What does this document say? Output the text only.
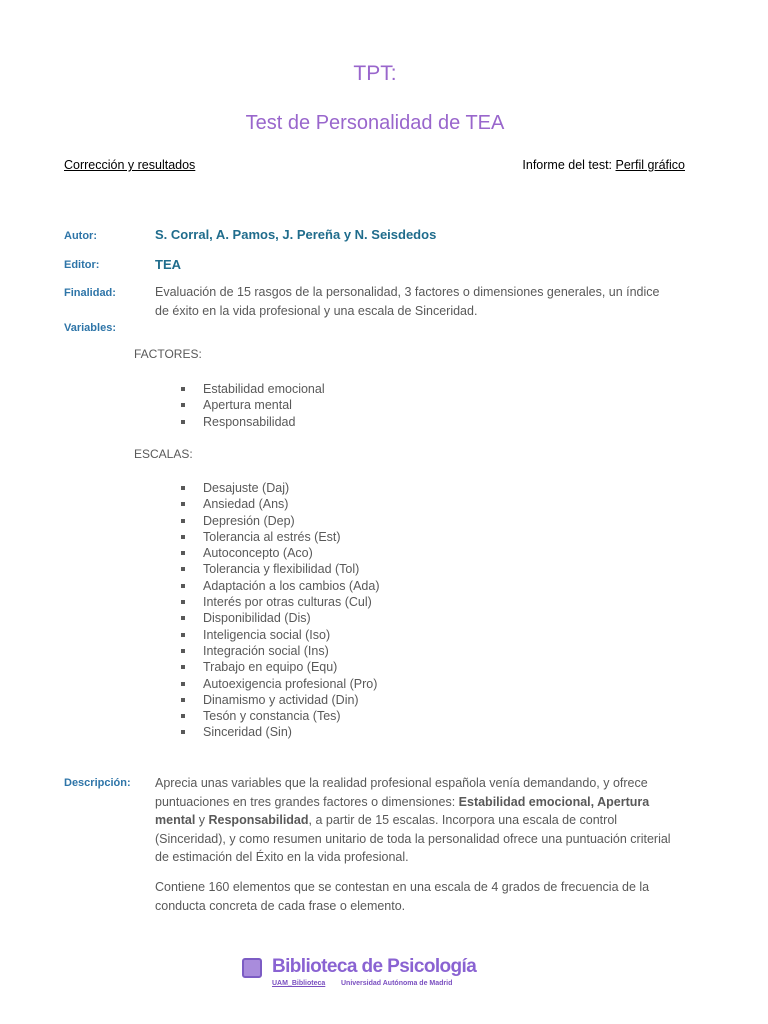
TPT:
Test de Personalidad de TEA
Corrección y resultados	Informe del test: Perfil gráfico
Autor:	S. Corral, A. Pamos, J. Pereña y N. Seisdedos
Editor:	TEA
Finalidad:	Evaluación de 15 rasgos de la personalidad, 3 factores o dimensiones generales, un índice de éxito en la vida profesional y una escala de Sinceridad.
Variables:
FACTORES:
Estabilidad emocional
Apertura mental
Responsabilidad
ESCALAS:
Desajuste (Daj)
Ansiedad (Ans)
Depresión (Dep)
Tolerancia al estrés (Est)
Autoconcepto (Aco)
Tolerancia y flexibilidad (Tol)
Adaptación a los cambios (Ada)
Interés por otras culturas (Cul)
Disponibilidad (Dis)
Inteligencia social (Iso)
Integración social (Ins)
Trabajo en equipo (Equ)
Autoexigencia profesional (Pro)
Dinamismo y actividad (Din)
Tesón y constancia (Tes)
Sinceridad (Sin)
Descripción: Aprecia unas variables que la realidad profesional española venía demandando, y ofrece puntuaciones en tres grandes factores o dimensiones: Estabilidad emocional, Apertura mental y Responsabilidad, a partir de 15 escalas. Incorpora una escala de control (Sinceridad), y como resumen unitario de toda la personalidad ofrece una puntuación criterial de estimación del Éxito en la vida profesional.
Contiene 160 elementos que se contestan en una escala de 4 grados de frecuencia de la conducta concreta de cada frase o elemento.
Biblioteca de Psicología
UAM_Biblioteca Universidad Autónoma de Madrid
